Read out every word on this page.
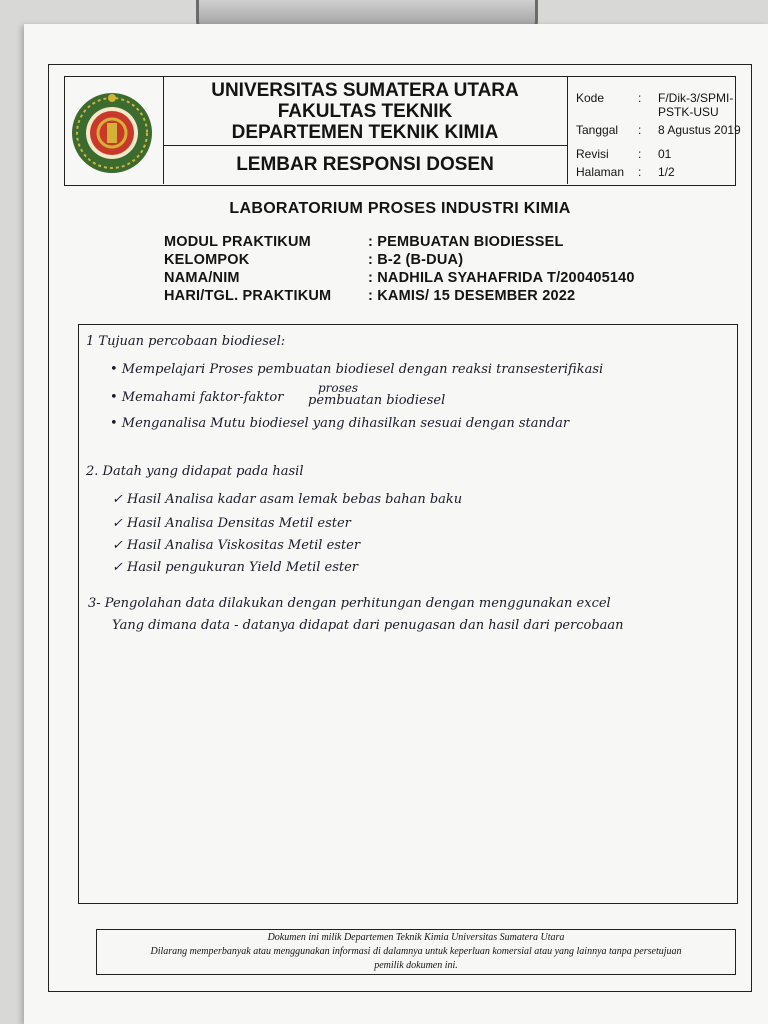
UNIVERSITAS SUMATERA UTARA
FAKULTAS TEKNIK
DEPARTEMEN TEKNIK KIMIA
LEMBAR RESPONSI DOSEN
Kode	: F/Dik-3/SPMI-PSTK-USU
Tanggal	: 8 Agustus 2019
Revisi	: 01
Halaman	: 1/2
LABORATORIUM PROSES INDUSTRI KIMIA
MODUL PRAKTIKUM	: PEMBUATAN BIODIESSEL
KELOMPOK	: B-2 (B-DUA)
NAMA/NIM	: NADHILA SYAHAFRIDA T/200405140
HARI/TGL. PRAKTIKUM	: KAMIS/ 15 DESEMBER 2022
1 Tujuan percobaan biodiesel:
• Mempelajari Proses pembuatan biodiesel dengan reaksi transesterifikasi
• Memahami faktor-faktor
proses
pembuatan biodiesel
• Menganalisa Mutu biodiesel yang dihasilkan sesuai dengan standar
2. Datah yang didapat pada hasil
✓ Hasil Analisa kadar asam lemak bebas bahan baku
✓ Hasil Analisa Densitas Metil ester
✓ Hasil Analisa Viskositas Metil ester
✓ Hasil pengukuran Yield Metil ester
3- Pengolahan data dilakukan dengan perhitungan dengan menggunakan excel
Yang dimana data - datanya didapat dari penugasan dan hasil dari percobaan
Dokumen ini milik Departemen Teknik Kimia Universitas Sumatera Utara
Dilarang memperbanyak atau menggunakan informasi di dalamnya untuk keperluan komersial atau yang lainnya tanpa persetujuan
pemilik dokumen ini.
